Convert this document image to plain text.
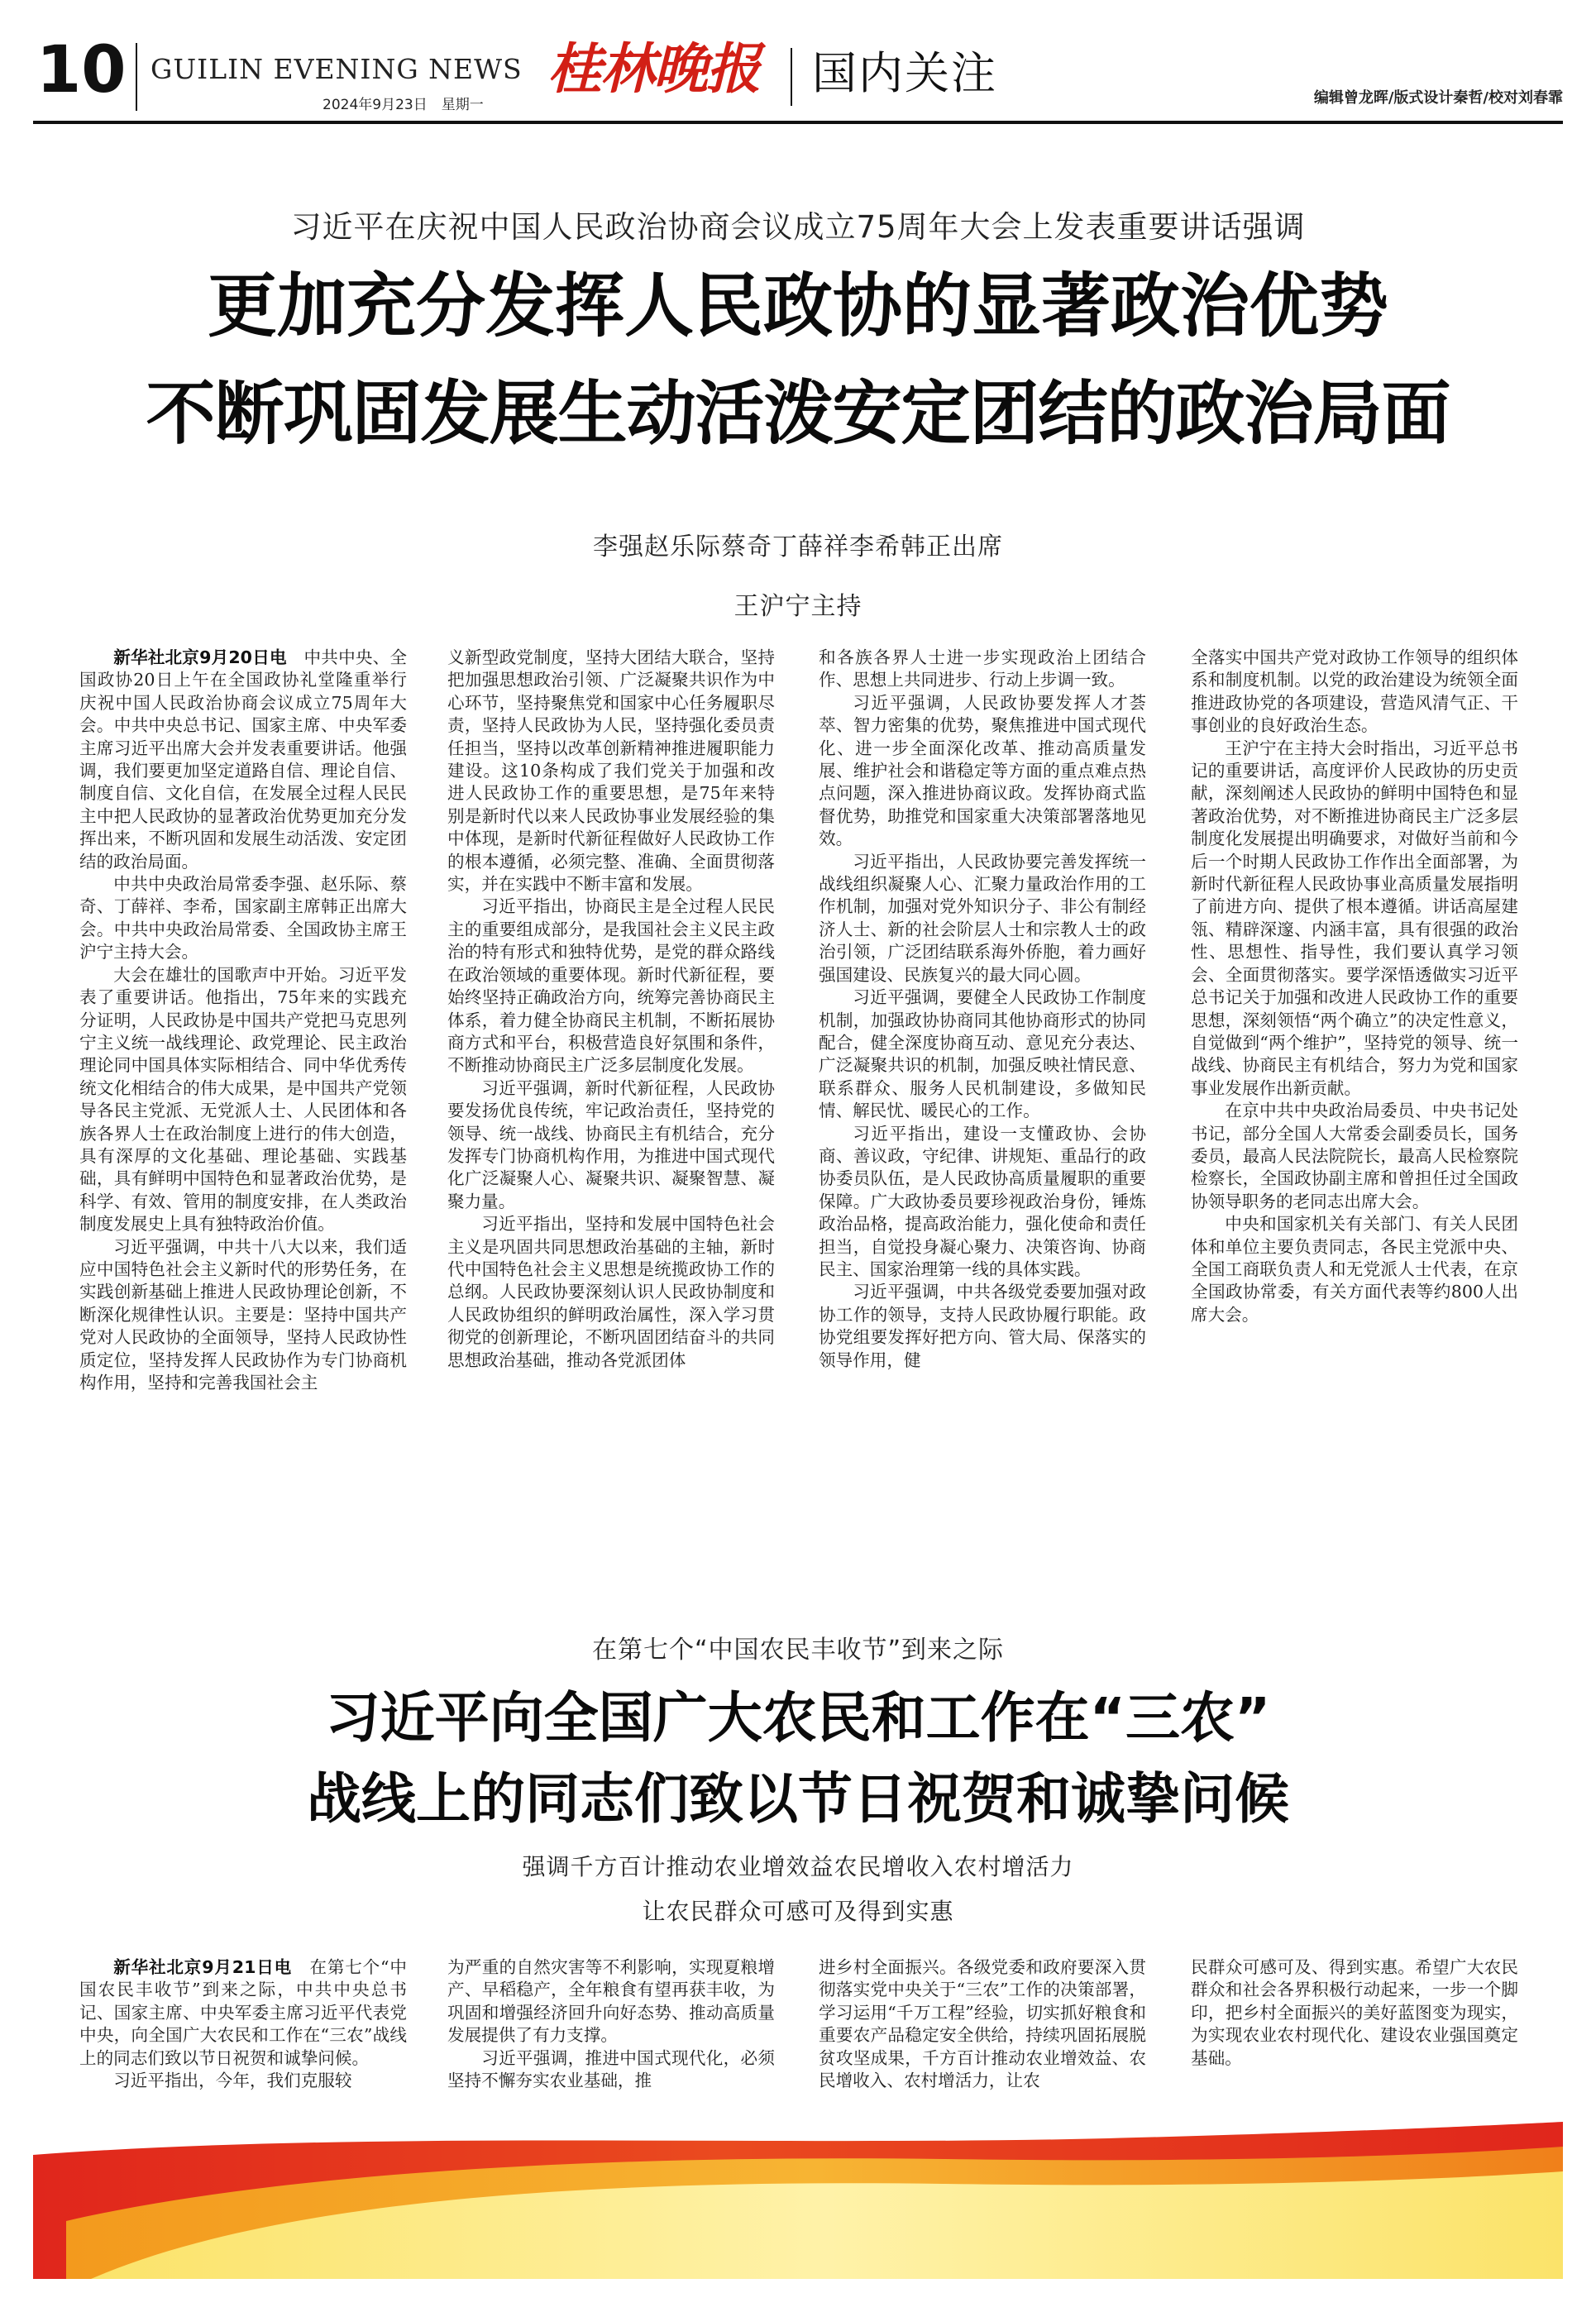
10 GUILIN EVENING NEWS
2024年9月23日　星期一
桂林晚报 国内关注	编辑曾龙晖/版式设计秦哲/校对刘春霏
习近平在庆祝中国人民政治协商会议成立75周年大会上发表重要讲话强调
更加充分发挥人民政协的显著政治优势
不断巩固发展生动活泼安定团结的政治局面
李强赵乐际蔡奇丁薛祥李希韩正出席
王沪宁主持

新华社北京9月20日电　 中共中央、全国政协20日上午在全国政协礼堂隆重举行庆祝中国人民政治协商会议成立75周年大会。中共中央总书记、国家主席、中央军委主席习近平出席大会并发表重要讲话。他强调，我们要更加坚定道路自信、理论自信、制度自信、文化自信，在发展全过程人民民主中把人民政协的显著政治优势更加充分发挥出来，不断巩固和发展生动活泼、安定团结的政治局面。

中共中央政治局常委李强、赵乐际、蔡奇、丁薛祥、李希，国家副主席韩正出席大会。中共中央政治局常委、全国政协主席王沪宁主持大会。

大会在雄壮的国歌声中开始。习近平发表了重要讲话。他指出，75年来的实践充分证明，人民政协是中国共产党把马克思列宁主义统一战线理论、政党理论、民主政治理论同中国具体实际相结合、同中华优秀传统文化相结合的伟大成果，是中国共产党领导各民主党派、无党派人士、人民团体和各族各界人士在政治制度上进行的伟大创造，具有深厚的文化基础、理论基础、实践基础，具有鲜明中国特色和显著政治优势，是科学、有效、管用的制度安排，在人类政治制度发展史上具有独特政治价值。

习近平强调，中共十八大以来，我们适应中国特色社会主义新时代的形势任务，在实践创新基础上推进人民政协理论创新，不断深化规律性认识。主要是：坚持中国共产党对人民政协的全面领导，坚持人民政协性质定位，坚持发挥人民政协作为专门协商机构作用，坚持和完善我国社会主

义新型政党制度，坚持大团结大联合，坚持把加强思想政治引领、广泛凝聚共识作为中心环节，坚持聚焦党和国家中心任务履职尽责，坚持人民政协为人民，坚持强化委员责任担当，坚持以改革创新精神推进履职能力建设。这10条构成了我们党关于加强和改进人民政协工作的重要思想，是75年来特别是新时代以来人民政协事业发展经验的集中体现，是新时代新征程做好人民政协工作的根本遵循，必须完整、准确、全面贯彻落实，并在实践中不断丰富和发展。

习近平指出，协商民主是全过程人民民主的重要组成部分，是我国社会主义民主政治的特有形式和独特优势，是党的群众路线在政治领域的重要体现。新时代新征程，要始终坚持正确政治方向，统筹完善协商民主体系，着力健全协商民主机制，不断拓展协商方式和平台，积极营造良好氛围和条件，不断推动协商民主广泛多层制度化发展。

习近平强调，新时代新征程，人民政协要发扬优良传统，牢记政治责任，坚持党的领导、统一战线、协商民主有机结合，充分发挥专门协商机构作用，为推进中国式现代化广泛凝聚人心、凝聚共识、凝聚智慧、凝聚力量。

习近平指出，坚持和发展中国特色社会主义是巩固共同思想政治基础的主轴，新时代中国特色社会主义思想是统揽政协工作的总纲。人民政协要深刻认识人民政协制度和人民政协组织的鲜明政治属性，深入学习贯彻党的创新理论，不断巩固团结奋斗的共同思想政治基础，推动各党派团体

和各族各界人士进一步实现政治上团结合作、思想上共同进步、行动上步调一致。

习近平强调，人民政协要发挥人才荟萃、智力密集的优势，聚焦推进中国式现代化、进一步全面深化改革、推动高质量发展、维护社会和谐稳定等方面的重点难点热点问题，深入推进协商议政。发挥协商式监督优势，助推党和国家重大决策部署落地见效。

习近平指出，人民政协要完善发挥统一战线组织凝聚人心、汇聚力量政治作用的工作机制，加强对党外知识分子、非公有制经济人士、新的社会阶层人士和宗教人士的政治引领，广泛团结联系海外侨胞，着力画好强国建设、民族复兴的最大同心圆。

习近平强调，要健全人民政协工作制度机制，加强政协协商同其他协商形式的协同配合，健全深度协商互动、意见充分表达、广泛凝聚共识的机制，加强反映社情民意、联系群众、服务人民机制建设，多做知民情、解民忧、暖民心的工作。

习近平指出，建设一支懂政协、会协商、善议政，守纪律、讲规矩、重品行的政协委员队伍，是人民政协高质量履职的重要保障。广大政协委员要珍视政治身份，锤炼政治品格，提高政治能力，强化使命和责任担当，自觉投身凝心聚力、决策咨询、协商民主、国家治理第一线的具体实践。

习近平强调，中共各级党委要加强对政协工作的领导，支持人民政协履行职能。政协党组要发挥好把方向、管大局、保落实的领导作用，健

全落实中国共产党对政协工作领导的组织体系和制度机制。以党的政治建设为统领全面推进政协党的各项建设，营造风清气正、干事创业的良好政治生态。

王沪宁在主持大会时指出，习近平总书记的重要讲话，高度评价人民政协的历史贡献，深刻阐述人民政协的鲜明中国特色和显著政治优势，对不断推进协商民主广泛多层制度化发展提出明确要求，对做好当前和今后一个时期人民政协工作作出全面部署，为新时代新征程人民政协事业高质量发展指明了前进方向、提供了根本遵循。讲话高屋建瓴、精辟深邃、内涵丰富，具有很强的政治性、思想性、指导性，我们要认真学习领会、全面贯彻落实。要学深悟透做实习近平总书记关于加强和改进人民政协工作的重要思想，深刻领悟“两个确立”的决定性意义，自觉做到“两个维护”，坚持党的领导、统一战线、协商民主有机结合，努力为党和国家事业发展作出新贡献。

在京中共中央政治局委员、中央书记处书记，部分全国人大常委会副委员长，国务委员，最高人民法院院长，最高人民检察院检察长，全国政协副主席和曾担任过全国政协领导职务的老同志出席大会。

中央和国家机关有关部门、有关人民团体和单位主要负责同志，各民主党派中央、全国工商联负责人和无党派人士代表，在京全国政协常委，有关方面代表等约800人出席大会。

在第七个“中国农民丰收节”到来之际
习近平向全国广大农民和工作在“三农”
战线上的同志们致以节日祝贺和诚挚问候
强调千方百计推动农业增效益农民增收入农村增活力
让农民群众可感可及得到实惠

新华社北京9月21日电　 在第七个“中国农民丰收节”到来之际，中共中央总书记、国家主席、中央军委主席习近平代表党中央，向全国广大农民和工作在“三农”战线上的同志们致以节日祝贺和诚挚问候。

习近平指出，今年，我们克服较

为严重的自然灾害等不利影响，实现夏粮增产、早稻稳产，全年粮食有望再获丰收，为巩固和增强经济回升向好态势、推动高质量发展提供了有力支撑。

习近平强调，推进中国式现代化，必须坚持不懈夯实农业基础，推

进乡村全面振兴。各级党委和政府要深入贯彻落实党中央关于“三农”工作的决策部署，学习运用“千万工程”经验，切实抓好粮食和重要农产品稳定安全供给，持续巩固拓展脱贫攻坚成果，千方百计推动农业增效益、农民增收入、农村增活力，让农

民群众可感可及、得到实惠。希望广大农民群众和社会各界积极行动起来，一步一个脚印，把乡村全面振兴的美好蓝图变为现实，为实现农业农村现代化、建设农业强国奠定基础。
